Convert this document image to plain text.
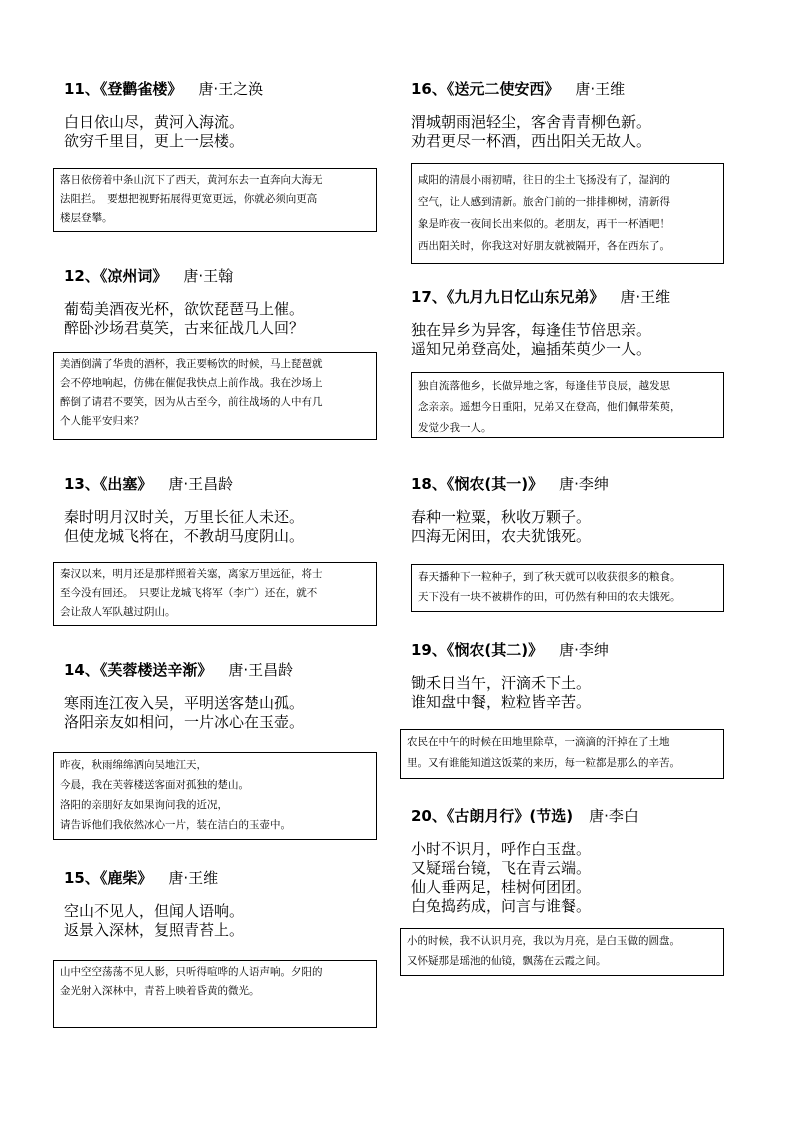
11、《登鹳雀楼》 唐·王之涣
白日依山尽，黄河入海流。
欲穷千里目，更上一层楼。
落日依傍着中条山沉下了西天，黄河东去一直奔向大海无
法阻拦。　要想把视野拓展得更宽更远，你就必须向更高
楼层登攀。
12、《凉州词》 唐·王翰
葡萄美酒夜光杯，欲饮琵琶马上催。
醉卧沙场君莫笑，古来征战几人回？
美酒倒满了华贵的酒杯，我正要畅饮的时候，马上琵琶就
会不停地响起，仿佛在催促我快点上前作战。我在沙场上
醉倒了请君不要笑，因为从古至今，前往战场的人中有几
个人能平安归来？
13、《出塞》 唐·王昌龄
秦时明月汉时关，万里长征人未还。
但使龙城飞将在，不教胡马度阴山。
秦汉以来，明月还是那样照着关塞，离家万里远征，将士
至今没有回还。　只要让龙城飞将军（李广）还在，就不
会让敌人军队越过阴山。
14、《芙蓉楼送辛渐》 唐·王昌龄
寒雨连江夜入吴，平明送客楚山孤。
洛阳亲友如相问，一片冰心在玉壶。
昨夜，秋雨绵绵洒向吴地江天，
今晨，我在芙蓉楼送客面对孤独的楚山。
洛阳的亲朋好友如果询问我的近况，
请告诉他们我依然冰心一片，装在洁白的玉壶中。
15、《鹿柴》 唐·王维
空山不见人，但闻人语响。
返景入深林，复照青苔上。
山中空空荡荡不见人影，只听得喧哗的人语声响。夕阳的
金光射入深林中，青苔上映着昏黄的微光。
16、《送元二使安西》 唐·王维
渭城朝雨浥轻尘，客舍青青柳色新。
劝君更尽一杯酒，西出阳关无故人。
咸阳的清晨小雨初晴，往日的尘土飞扬没有了，湿润的
空气，让人感到清新。旅舍门前的一排排柳树，清新得
象是昨夜一夜间长出来似的。老朋友，再干一杯酒吧！
西出阳关时，你我这对好朋友就被隔开，各在西东了。
17、《九月九日忆山东兄弟》 唐·王维
独在异乡为异客，每逢佳节倍思亲。
遥知兄弟登高处，遍插茱萸少一人。
独自流落他乡，长做异地之客，每逢佳节良辰，越发思
念亲亲。遥想今日重阳，兄弟又在登高，他们佩带茱萸，
发觉少我一人。
18、《悯农(其一)》 唐·李绅
春种一粒粟，秋收万颗子。
四海无闲田，农夫犹饿死。
春天播种下一粒种子，到了秋天就可以收获很多的粮食。
天下没有一块不被耕作的田，可仍然有种田的农夫饿死。
19、《悯农(其二)》 唐·李绅
锄禾日当午，汗滴禾下土。
谁知盘中餐，粒粒皆辛苦。
农民在中午的时候在田地里除草，一滴滴的汗掉在了土地
里。又有谁能知道这饭菜的来历，每一粒都是那么的辛苦。
20、《古朗月行》(节选) 唐·李白
小时不识月，呼作白玉盘。
又疑瑶台镜，飞在青云端。
仙人垂两足，桂树何团团。
白兔捣药成，问言与谁餐。
小的时候，我不认识月亮，我以为月亮，是白玉做的圆盘。
又怀疑那是瑶池的仙镜，飘荡在云霞之间。
